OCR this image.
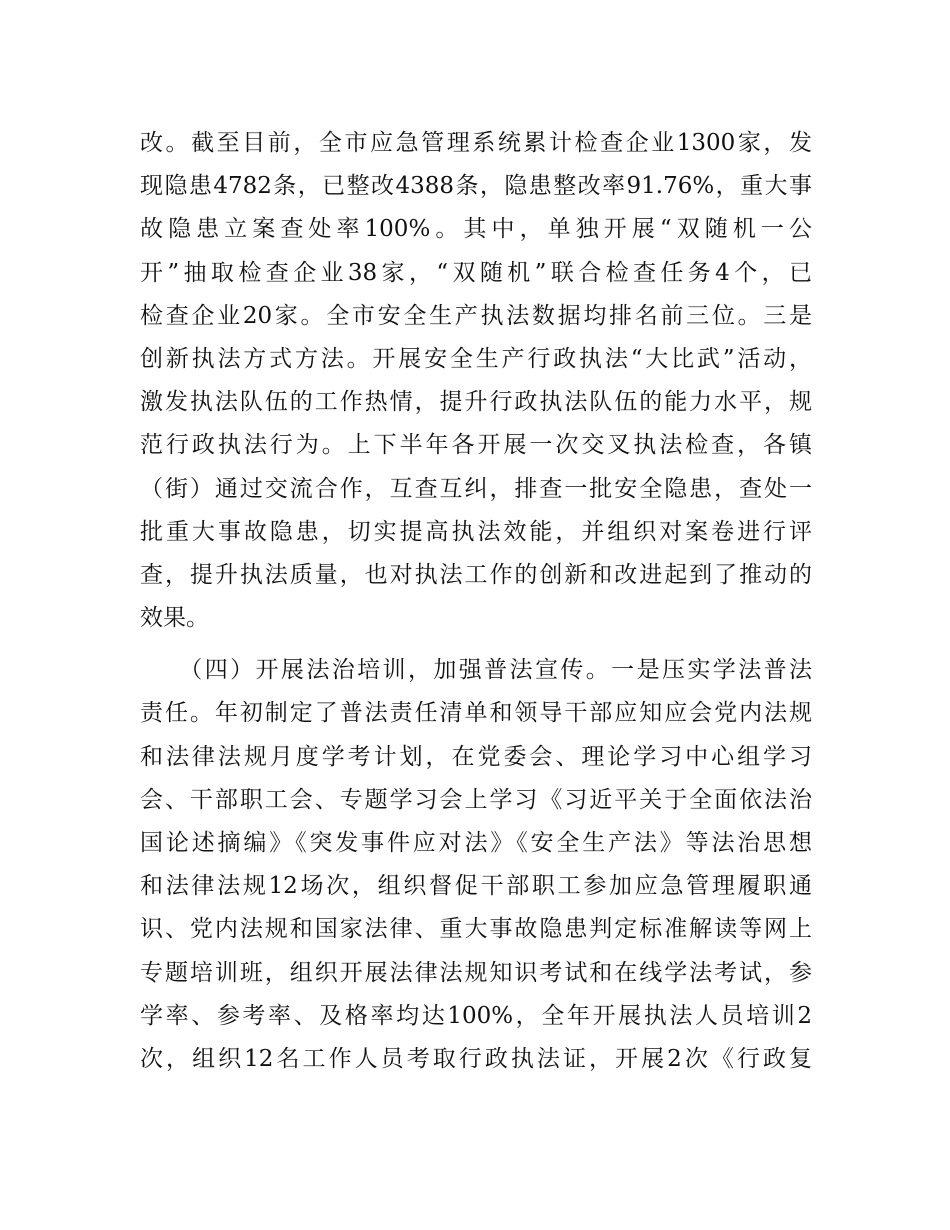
改。截至目前，全市应急管理系统累计检查企业1300家，发
现隐患4782条，已整改4388条，隐患整改率91.76%，重大事
故隐患立案查处率100%。其中，单独开展“双随机一公
开”抽取检查企业38家，“双随机”联合检查任务4个，已
检查企业20家。全市安全生产执法数据均排名前三位。三是
创新执法方式方法。开展安全生产行政执法“大比武”活动，
激发执法队伍的工作热情，提升行政执法队伍的能力水平，规
范行政执法行为。上下半年各开展一次交叉执法检查，各镇
（街）通过交流合作，互查互纠，排查一批安全隐患，查处一
批重大事故隐患，切实提高执法效能，并组织对案卷进行评
查，提升执法质量，也对执法工作的创新和改进起到了推动的
效果。
　　（四）开展法治培训，加强普法宣传。一是压实学法普法
责任。年初制定了普法责任清单和领导干部应知应会党内法规
和法律法规月度学考计划，在党委会、理论学习中心组学习
会、干部职工会、专题学习会上学习《习近平关于全面依法治
国论述摘编》《突发事件应对法》《安全生产法》等法治思想
和法律法规12场次，组织督促干部职工参加应急管理履职通
识、党内法规和国家法律、重大事故隐患判定标准解读等网上
专题培训班，组织开展法律法规知识考试和在线学法考试，参
学率、参考率、及格率均达100%，全年开展执法人员培训2
次，组织12名工作人员考取行政执法证，开展2次《行政复
